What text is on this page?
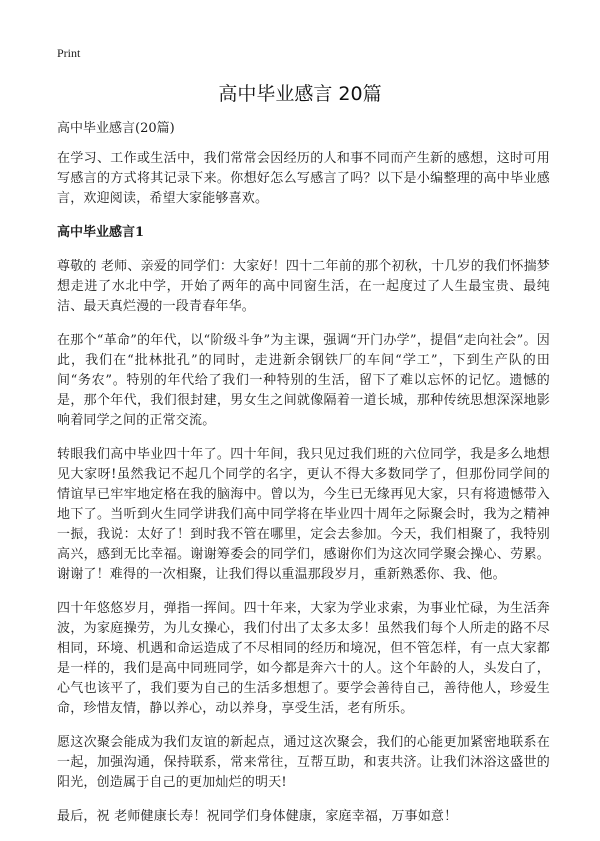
Print
高中毕业感言 20篇

高中毕业感言(20篇)

在学习、工作或生活中，我们常常会因经历的人和事不同而产生新的感想，这时可用写感言的方式将其记录下来。你想好怎么写感言了吗？以下是小编整理的高中毕业感言，欢迎阅读，希望大家能够喜欢。

高中毕业感言1

尊敬的 老师、亲爱的同学们：大家好！四十二年前的那个初秋，十几岁的我们怀揣梦想走进了水北中学，开始了两年的高中同窗生活，在一起度过了人生最宝贵、最纯洁、最天真烂漫的一段青春年华。

在那个“革命”的年代，以“阶级斗争”为主课，强调“开门办学”，提倡“走向社会”。因此，我们在“批林批孔”的同时，走进新余钢铁厂的车间“学工”，下到生产队的田间“务农”。特别的年代给了我们一种特别的生活，留下了难以忘怀的记忆。遗憾的是，那个年代，我们很封建，男女生之间就像隔着一道长城，那种传统思想深深地影响着同学之间的正常交流。

转眼我们高中毕业四十年了。四十年间，我只见过我们班的六位同学，我是多么地想见大家呀!虽然我记不起几个同学的名字，更认不得大多数同学了，但那份同学间的情谊早已牢牢地定格在我的脑海中。曾以为，今生已无缘再见大家，只有将遗憾带入地下了。当听到火生同学讲我们高中同学将在毕业四十周年之际聚会时，我为之精神一振，我说：太好了！到时我不管在哪里，定会去参加。今天，我们相聚了，我特别高兴，感到无比幸福。谢谢筹委会的同学们，感谢你们为这次同学聚会操心、劳累。谢谢了！难得的一次相聚，让我们得以重温那段岁月，重新熟悉你、我、他。

四十年悠悠岁月，弹指一挥间。四十年来，大家为学业求索，为事业忙碌，为生活奔波，为家庭操劳，为儿女操心，我们付出了太多太多！虽然我们每个人所走的路不尽相同，环境、机遇和命运造成了不尽相同的经历和境况，但不管怎样，有一点大家都是一样的，我们是高中同班同学，如今都是奔六十的人。这个年龄的人，头发白了，心气也该平了，我们要为自己的生活多想想了。要学会善待自己，善待他人，珍爱生命，珍惜友情，静以养心，动以养身，享受生活，老有所乐。

愿这次聚会能成为我们友谊的新起点，通过这次聚会，我们的心能更加紧密地联系在一起，加强沟通，保持联系，常来常往，互帮互助，和衷共济。让我们沐浴这盛世的阳光，创造属于自己的更加灿烂的明天!

最后，祝 老师健康长寿！祝同学们身体健康，家庭幸福，万事如意！
